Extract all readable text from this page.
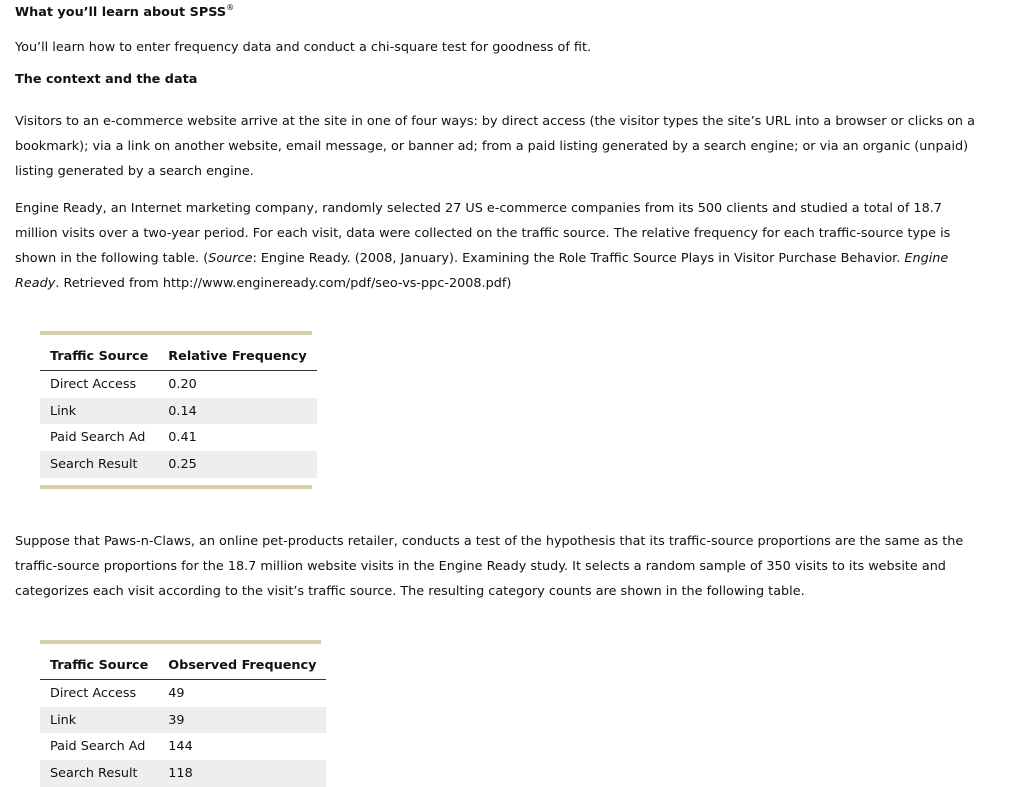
What you’ll learn about SPSS®

You’ll learn how to enter frequency data and conduct a chi-square test for goodness of fit.

The context and the data

Visitors to an e-commerce website arrive at the site in one of four ways: by direct access (the visitor types the site’s URL into a browser or clicks on a bookmark); via a link on another website, email message, or banner ad; from a paid listing generated by a search engine; or via an organic (unpaid) listing generated by a search engine.

Engine Ready, an Internet marketing company, randomly selected 27 US e-commerce companies from its 500 clients and studied a total of 18.7 million visits over a two-year period. For each visit, data were collected on the traffic source. The relative frequency for each traffic-source type is shown in the following table. (Source: Engine Ready. (2008, January). Examining the Role Traffic Source Plays in Visitor Purchase Behavior. Engine Ready. Retrieved from http://www.engineready.com/pdf/seo-vs-ppc-2008.pdf)

Traffic Source	Relative Frequency
Direct Access	0.20
Link	0.14
Paid Search Ad	0.41
Search Result	0.25

Suppose that Paws-n-Claws, an online pet-products retailer, conducts a test of the hypothesis that its traffic-source proportions are the same as the traffic-source proportions for the 18.7 million website visits in the Engine Ready study. It selects a random sample of 350 visits to its website and categorizes each visit according to the visit’s traffic source. The resulting category counts are shown in the following table.

Traffic Source	Observed Frequency
Direct Access	49
Link	39
Paid Search Ad	144
Search Result	118
